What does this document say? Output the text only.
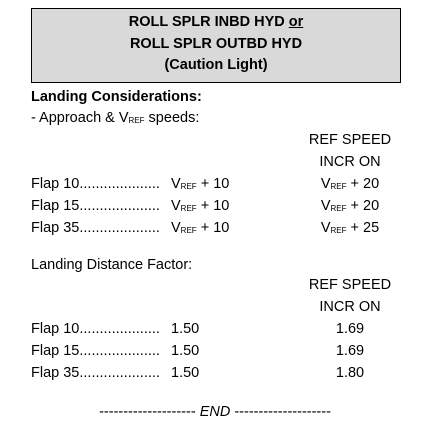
ROLL SPLR INBD HYD or
ROLL SPLR OUTBD HYD
(Caution Light)
Landing Considerations:
- Approach & $V_{REF}$ speeds:
REF SPEED
INCR ON
Flap 10.................... $V_{REF} + 10$	$V_{REF} + 20$
Flap 15.................... $V_{REF} + 10$	$V_{REF} + 20$
Flap 35.................... $V_{REF} + 10$	$V_{REF} + 25$
Landing Distance Factor:
REF SPEED
INCR ON
Flap 10.................... 1.50	1.69
Flap 15.................... 1.50	1.69
Flap 35.................... 1.50	1.80
-------------------- END --------------------
